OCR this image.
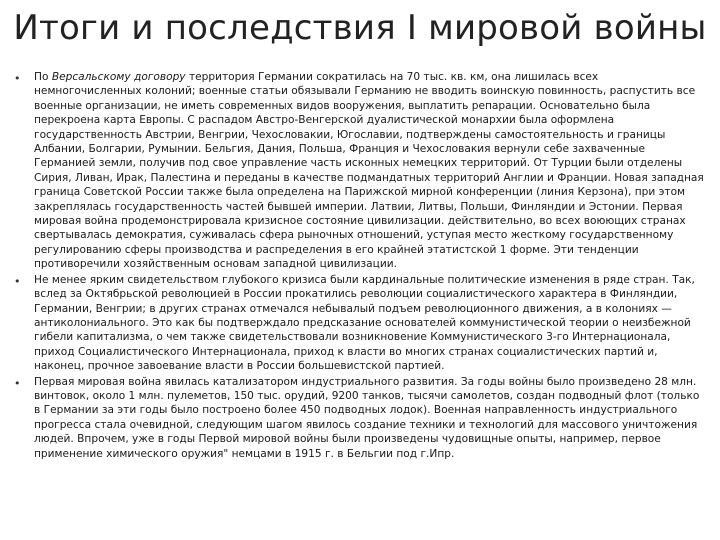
Итоги и последствия I мировой войны
• По Версальскому договору территория Германии сократилась на 70 тыс. кв. км, она лишилась всех немногочисленных колоний; военные статьи обязывали Германию не вводить воинскую повинность, распустить все военные организации, не иметь современных видов вооружения, выплатить репарации. Основательно была перекроена карта Европы. С распадом Австро-Венгерской дуалистической монархии была оформлена государственность Австрии, Венгрии, Чехословакии, Югославии, подтверждены самостоятельность и границы Албании, Болгарии, Румынии. Бельгия, Дания, Польша, Франция и Чехословакия вернули себе захваченные Германией земли, получив под свое управление часть исконных немецких территорий. От Турции были отделены Сирия, Ливан, Ирак, Палестина и переданы в качестве подмандатных территорий Англии и Франции. Новая западная граница Советской России также была определена на Парижской мирной конференции (линия Керзона), при этом закреплялась государственность частей бывшей империи. Латвии, Литвы, Польши, Финляндии и Эстонии. Первая мировая война продемонстрировала кризисное состояние цивилизации. действительно, во всех воюющих странах свертывалась демократия, суживалась сфера рыночных отношений, уступая место жесткому государственному регулированию сферы производства и распределения в его крайней этатистской 1 форме. Эти тенденции противоречили хозяйственным основам западной цивилизации.
• Не менее ярким свидетельством глубокого кризиса были кардинальные политические изменения в ряде стран. Так, вслед за Октябрьской революцией в России прокатились революции социалистического характера в Финляндии, Германии, Венгрии; в других странах отмечался небывалый подъем революционного движения, а в колониях — антиколониального. Это как бы подтверждало предсказание основателей коммунистической теории о неизбежной гибели капитализма, о чем также свидетельствовали возникновение Коммунистического 3-го Интернационала, приход Социалистического Интернационала, приход к власти во многих странах социалистических партий и, наконец, прочное завоевание власти в России большевистской партией.
• Первая мировая война явилась катализатором индустриального развития. За годы войны было произведено 28 млн. винтовок, около 1 млн. пулеметов, 150 тыс. орудий, 9200 танков, тысячи самолетов, создан подводный флот (только в Германии за эти годы было построено более 450 подводных лодок). Военная направленность индустриального прогресса стала очевидной, следующим шагом явилось создание техники и технологий для массового уничтожения людей. Впрочем, уже в годы Первой мировой войны были произведены чудовищные опыты, например, первое применение химического оружия" немцами в 1915 г. в Бельгии под г.Ипр.
